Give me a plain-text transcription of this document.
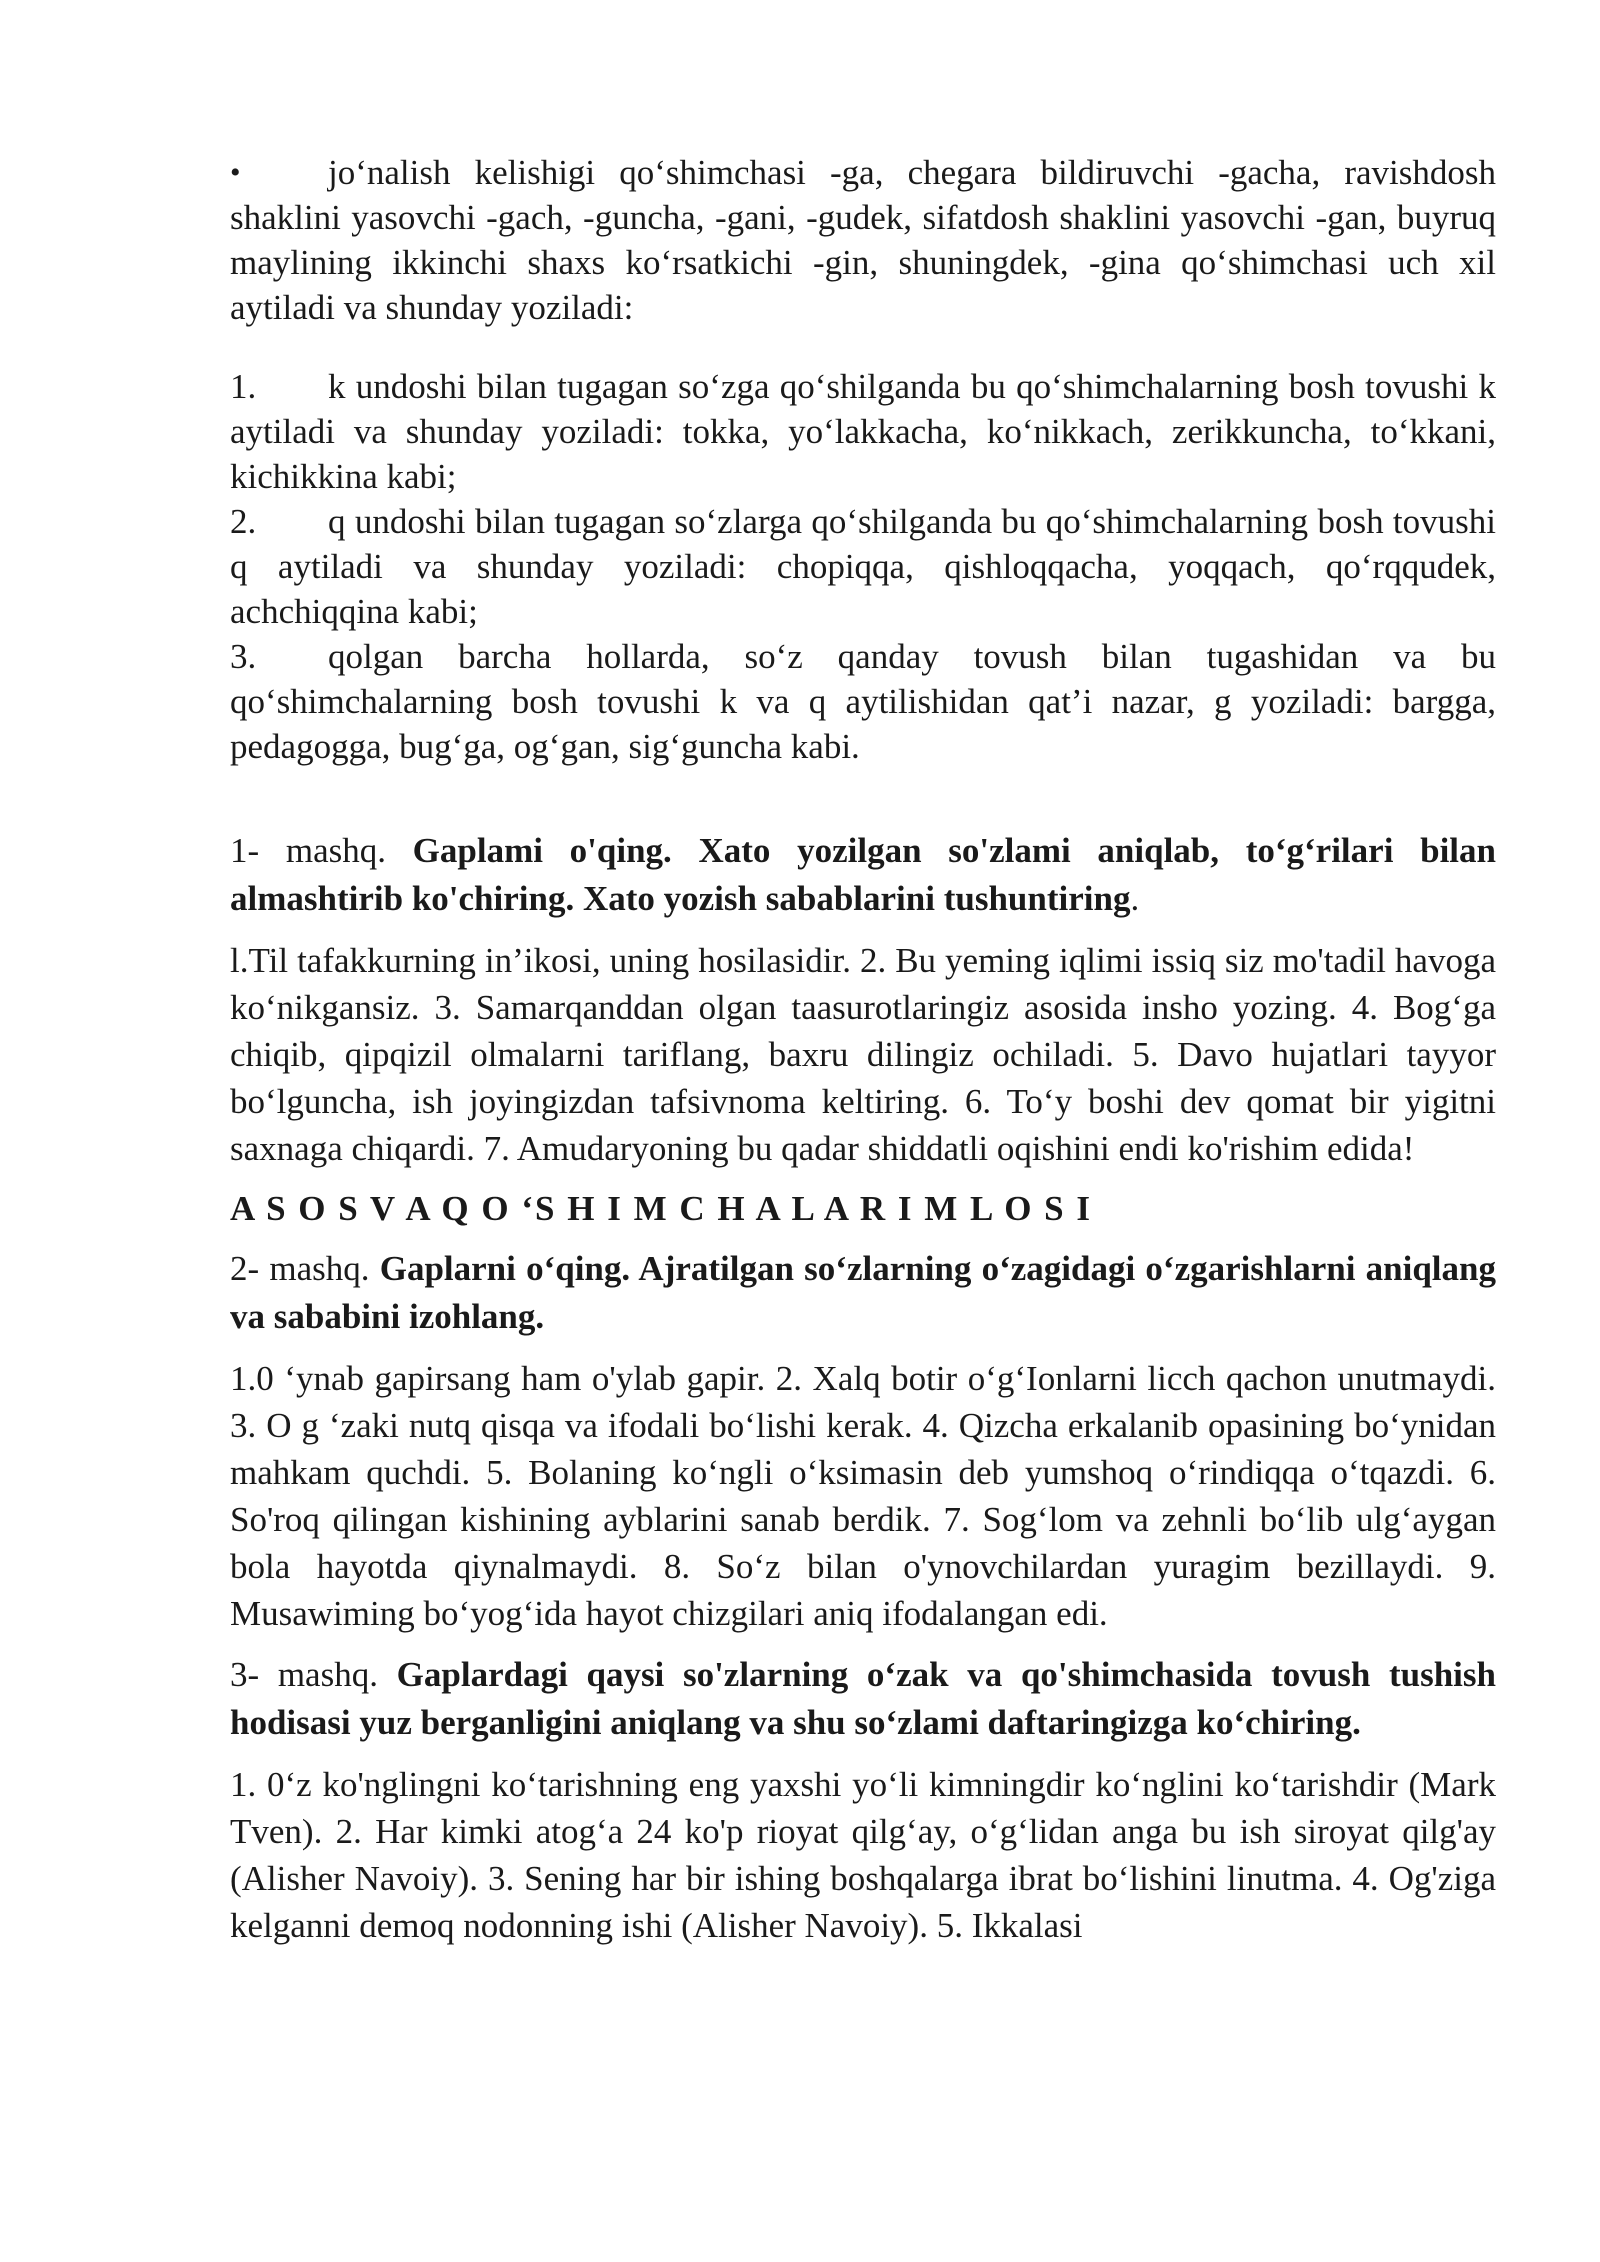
•	jo‘nalish kelishigi qo‘shimchasi -ga, chegara bildiruvchi -gacha, ravishdosh shaklini yasovchi -gach, -guncha, -gani, -gudek, sifatdosh shaklini yasovchi -gan, buyruq maylining ikkinchi shaxs ko‘rsatkichi -gin, shuningdek, -gina qo‘shimchasi uch xil aytiladi va shunday yoziladi:

1. k undoshi bilan tugagan so‘zga qo‘shilganda bu qo‘shimchalarning bosh tovushi k aytiladi va shunday yoziladi: tokka, yo‘lakkacha, ko‘nikkach, zerikkuncha, to‘kkani, kichikkina kabi;

2. q undoshi bilan tugagan so‘zlarga qo‘shilganda bu qo‘shimchalarning bosh tovushi q aytiladi va shunday yoziladi: chopiqqa, qishloqqacha, yoqqach, qo‘rqqudek, achchiqqina kabi;

3. qolgan barcha hollarda, so‘z qanday tovush bilan tugashidan va bu qo‘shimchalarning bosh tovushi k va q aytilishidan qat’i nazar, g yoziladi: bargga, pedagogga, bug‘ga, og‘gan, sig‘guncha kabi.

1- mashq. Gaplami o'qing. Xato yozilgan so'zlami aniqlab, to‘g‘rilari bilan almashtirib ko'chiring. Xato yozish sabablarini tushuntiring.

l.Til tafakkurning in’ikosi, uning hosilasidir. 2. Bu yeming iqlimi issiq siz mo'tadil havoga ko‘nikgansiz. 3. Samarqanddan olgan taasurotlaringiz asosida insho yozing. 4. Bog‘ga chiqib, qipqizil olmalarni tariflang, baxru dilingiz ochiladi. 5. Davo hujatlari tayyor bo‘lguncha, ish joyingizdan tafsivnoma keltiring. 6. To‘y boshi dev qomat bir yigitni saxnaga chiqardi. 7. Amudaryoning bu qadar shiddatli oqishini endi ko'rishim edida!

A S O S V A Q O ‘S H I M C H A L A R I M L O S I

2- mashq. Gaplarni o‘qing. Ajratilgan so‘zlarning o‘zagidagi o‘zgarishlarni aniqlang va sababini izohlang.

1.0 ‘ynab gapirsang ham o'ylab gapir. 2. Xalq botir o‘g‘Ionlarni licch qachon unutmaydi. 3. O g ‘zaki nutq qisqa va ifodali bo‘lishi kerak. 4. Qizcha erkalanib opasining bo‘ynidan mahkam quchdi. 5. Bolaning ko‘ngli o‘ksimasin deb yumshoq o‘rindiqqa o‘tqazdi. 6. So'roq qilingan kishining ayblarini sanab berdik. 7. Sog‘lom va zehnli bo‘lib ulg‘aygan bola hayotda qiynalmaydi. 8. So‘z bilan o'ynovchilardan yuragim bezillaydi. 9. Musawiming bo‘yog‘ida hayot chizgilari aniq ifodalangan edi.

3- mashq. Gaplardagi qaysi so'zlarning o‘zak va qo'shimchasida tovush tushish hodisasi yuz berganligini aniqlang va shu so‘zlami daftaringizga ko‘chiring.

1. 0‘z ko'nglingni ko‘tarishning eng yaxshi yo‘li kimningdir ko‘nglini ko‘tarishdir (Mark Tven). 2. Har kimki atog‘a 24 ko'p rioyat qilg‘ay, o‘g‘lidan anga bu ish siroyat qilg'ay (Alisher Navoiy). 3. Sening har bir ishing boshqalarga ibrat bo‘lishini linutma. 4. Og'ziga kelganni demoq nodonning ishi (Alisher Navoiy). 5. Ikkalasi
